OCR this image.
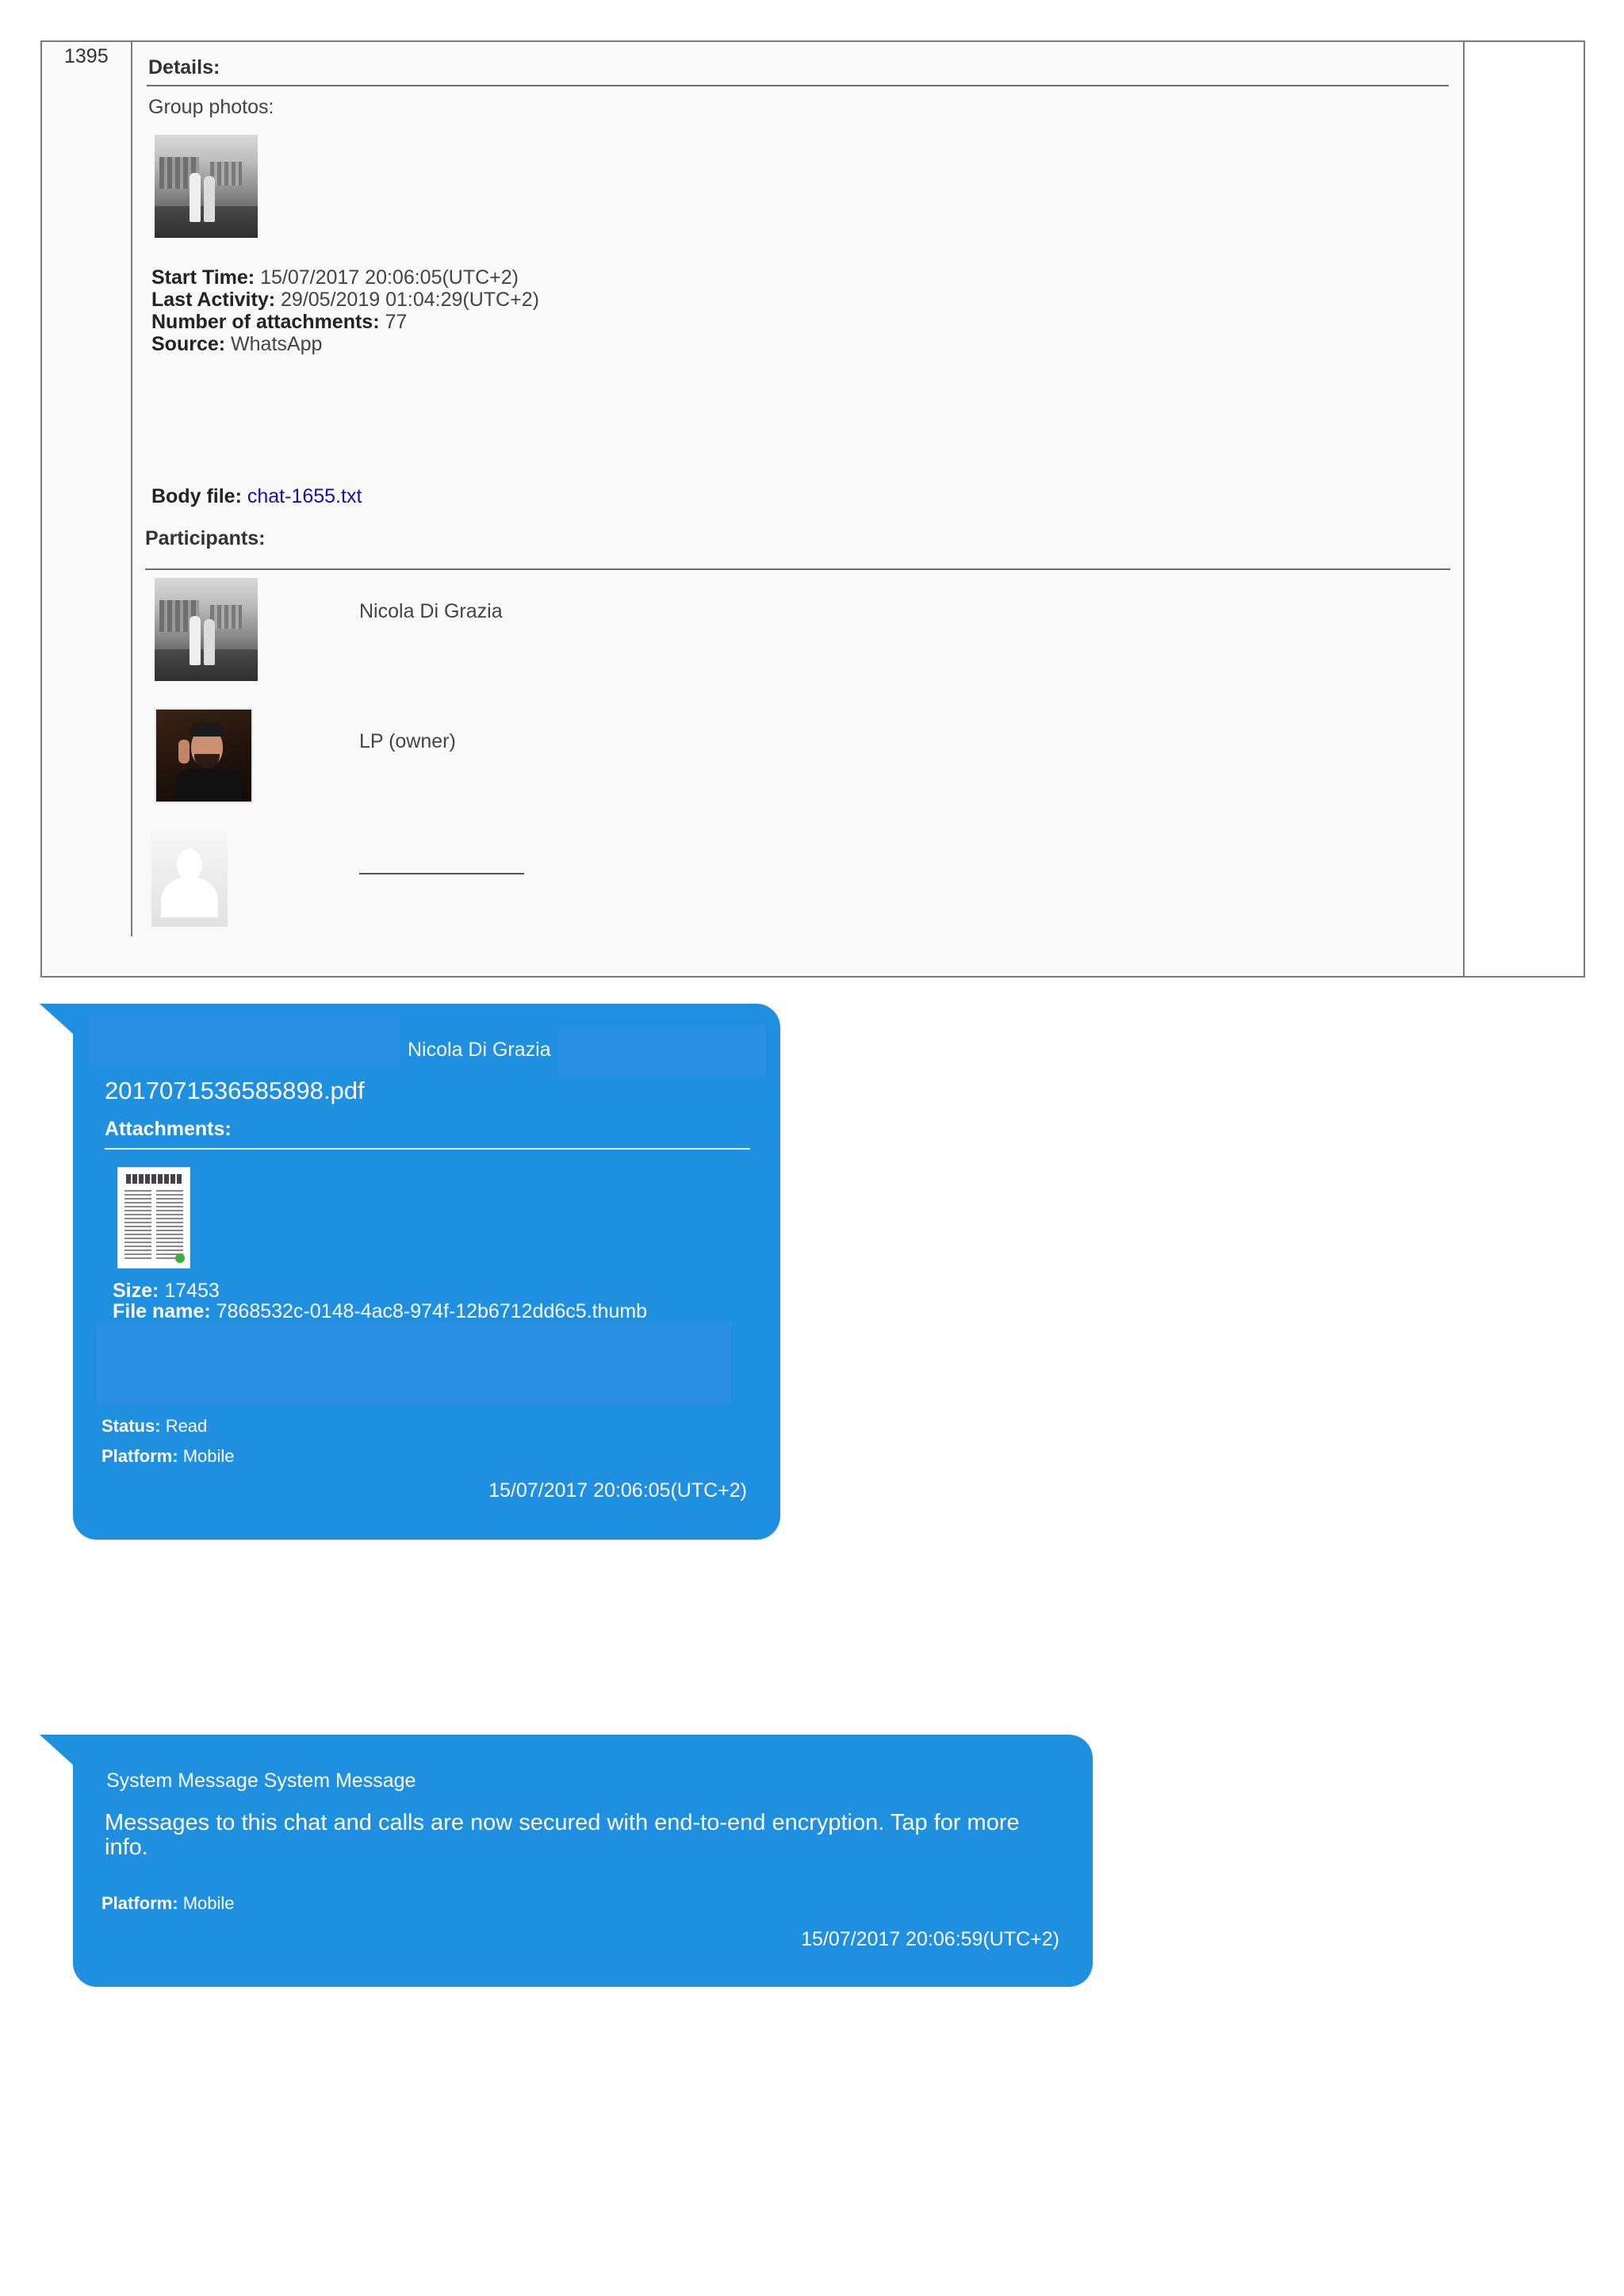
1395 Details:
Group photos:
Start Time: 15/07/2017 20:06:05(UTC+2)
Last Activity: 29/05/2019 01:04:29(UTC+2)
Number of attachments: 77
Source: WhatsApp
Body file: chat-1655.txt
Participants:
Nicola Di Grazia
LP (owner)
Nicola Di Grazia
2017071536585898.pdf
Attachments:
Size: 17453
File name: 7868532c-0148-4ac8-974f-12b6712dd6c5.thumb
Status: Read
Platform: Mobile
15/07/2017 20:06:05(UTC+2)
System Message System Message
Messages to this chat and calls are now secured with end-to-end encryption. Tap for more info.
Platform: Mobile
15/07/2017 20:06:59(UTC+2)
